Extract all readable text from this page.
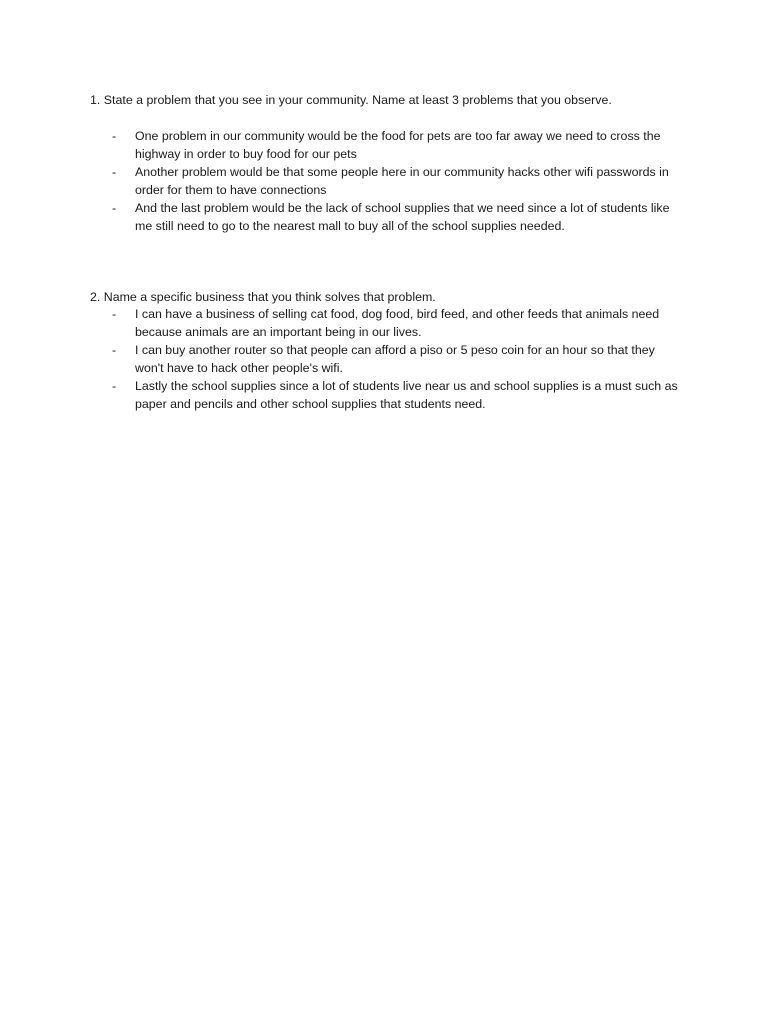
1. State a problem that you see in your community. Name at least 3 problems that you observe.

- One problem in our community would be the food for pets are too far away we need to cross the highway in order to buy food for our pets
- Another problem would be that some people here in our community hacks other wifi passwords in order for them to have connections
- And the last problem would be the lack of school supplies that we need since a lot of students like me still need to go to the nearest mall to buy all of the school supplies needed.

2. Name a specific business that you think solves that problem.

- I can have a business of selling cat food, dog food, bird feed, and other feeds that animals need because animals are an important being in our lives.
- I can buy another router so that people can afford a piso or 5 peso coin for an hour so that they won't have to hack other people's wifi.
- Lastly the school supplies since a lot of students live near us and school supplies is a must such as paper and pencils and other school supplies that students need.
